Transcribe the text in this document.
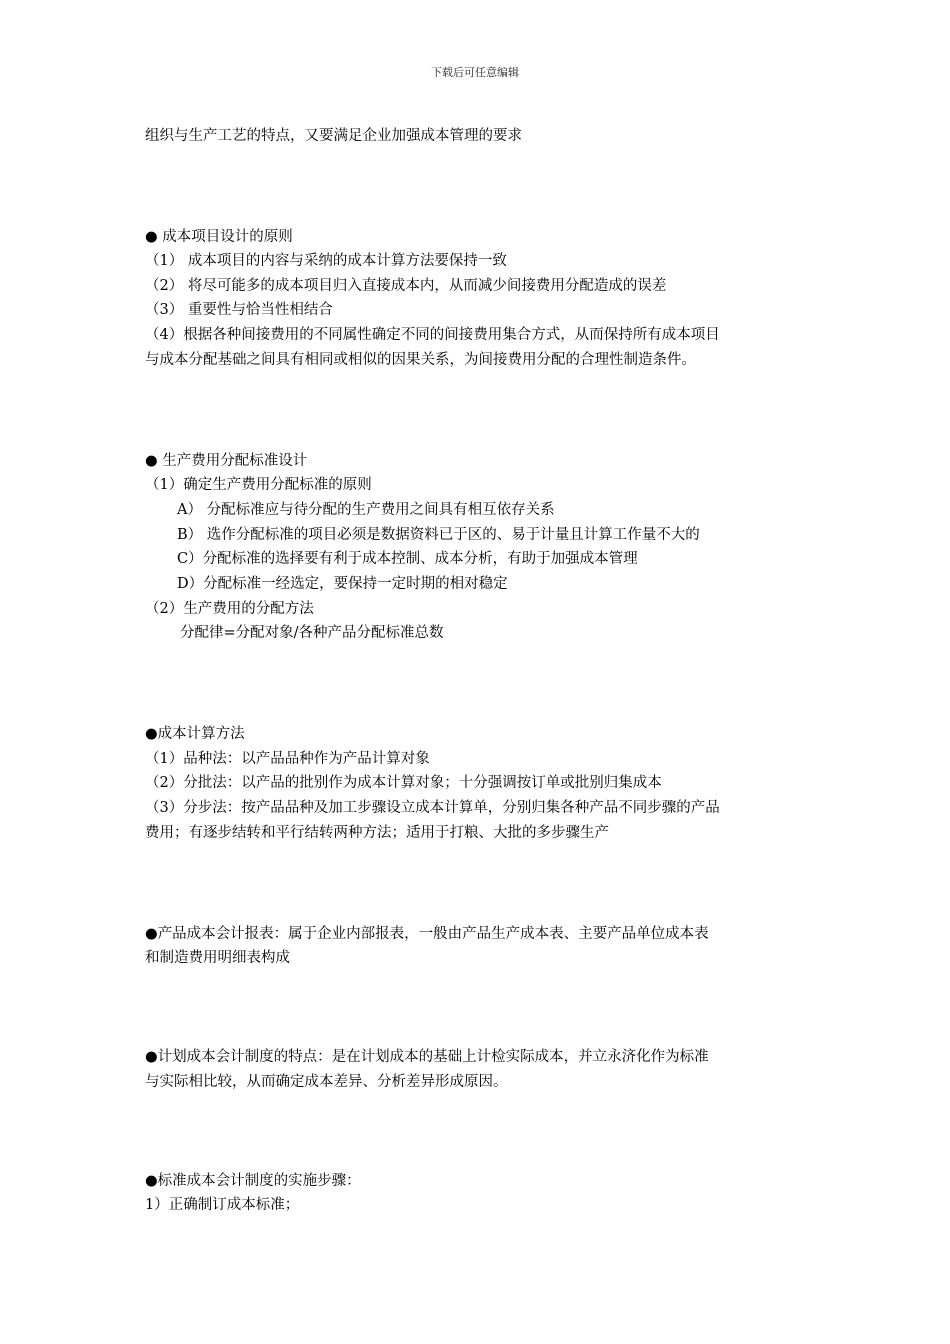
下载后可任意编辑
组织与生产工艺的特点，又要满足企业加强成本管理的要求
● 成本项目设计的原则
（1） 成本项目的内容与采纳的成本计算方法要保持一致
（2） 将尽可能多的成本项目归入直接成本内，从而减少间接费用分配造成的误差
（3） 重要性与恰当性相结合
（4）根据各种间接费用的不同属性确定不同的间接费用集合方式，从而保持所有成本项目
与成本分配基础之间具有相同或相似的因果关系，为间接费用分配的合理性制造条件。
● 生产费用分配标准设计
（1）确定生产费用分配标准的原则
A） 分配标准应与待分配的生产费用之间具有相互依存关系
B） 选作分配标准的项目必须是数据资料已于区的、易于计量且计算工作量不大的
C）分配标准的选择要有利于成本控制、成本分析，有助于加强成本管理
D）分配标准一经选定，要保持一定时期的相对稳定
（2）生产费用的分配方法
分配律=分配对象/各种产品分配标准总数
●成本计算方法
（1）品种法：以产品品种作为产品计算对象
（2）分批法：以产品的批别作为成本计算对象；十分强调按订单或批别归集成本
（3）分步法：按产品品种及加工步骤设立成本计算单，分别归集各种产品不同步骤的产品
费用；有逐步结转和平行结转两种方法；适用于打粮、大批的多步骤生产
●产品成本会计报表：属于企业内部报表，一般由产品生产成本表、主要产品单位成本表
和制造费用明细表构成
●计划成本会计制度的特点：是在计划成本的基础上计检实际成本，并立永济化作为标准
与实际相比较，从而确定成本差异、分析差异形成原因。
●标准成本会计制度的实施步骤：
1）正确制订成本标准；
